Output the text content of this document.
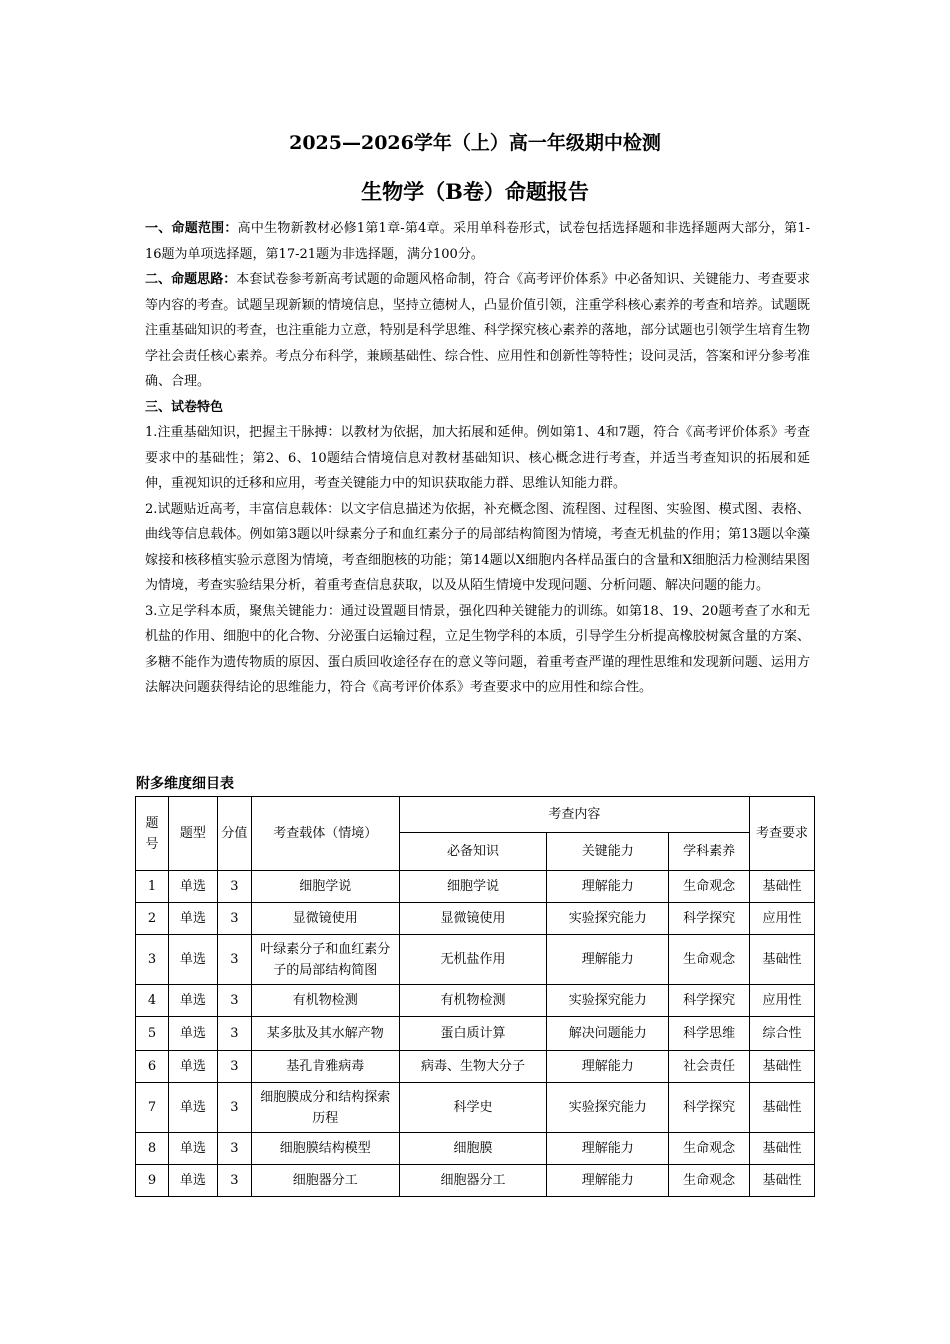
2025—2026学年（上）高一年级期中检测
生物学（B卷）命题报告

一、命题范围：高中生物新教材必修1第1章-第4章。采用单科卷形式，试卷包括选择题和非选择题两大部分，第1-16题为单项选择题，第17-21题为非选择题，满分100分。

二、命题思路：本套试卷参考新高考试题的命题风格命制，符合《高考评价体系》中必备知识、关键能力、考查要求等内容的考查。试题呈现新颖的情境信息，坚持立德树人，凸显价值引领，注重学科核心素养的考查和培养。试题既注重基础知识的考查，也注重能力立意，特别是科学思维、科学探究核心素养的落地，部分试题也引领学生培育生物学社会责任核心素养。考点分布科学，兼顾基础性、综合性、应用性和创新性等特性；设问灵活，答案和评分参考准确、合理。

三、试卷特色

1.注重基础知识，把握主干脉搏：以教材为依据，加大拓展和延伸。例如第1、4和7题，符合《高考评价体系》考查要求中的基础性；第2、6、10题结合情境信息对教材基础知识、核心概念进行考查，并适当考查知识的拓展和延伸，重视知识的迁移和应用，考查关键能力中的知识获取能力群、思维认知能力群。

2.试题贴近高考，丰富信息载体：以文字信息描述为依据，补充概念图、流程图、过程图、实验图、模式图、表格、曲线等信息载体。例如第3题以叶绿素分子和血红素分子的局部结构简图为情境，考查无机盐的作用；第13题以伞藻嫁接和核移植实验示意图为情境，考查细胞核的功能；第14题以X细胞内各样品蛋白的含量和X细胞活力检测结果图为情境，考查实验结果分析，着重考查信息获取，以及从陌生情境中发现问题、分析问题、解决问题的能力。

3.立足学科本质，聚焦关键能力：通过设置题目情景，强化四种关键能力的训练。如第18、19、20题考查了水和无机盐的作用、细胞中的化合物、分泌蛋白运输过程，立足生物学科的本质，引导学生分析提高橡胶树氮含量的方案、多糖不能作为遗传物质的原因、蛋白质回收途径存在的意义等问题，着重考查严谨的理性思维和发现新问题、运用方法解决问题获得结论的思维能力，符合《高考评价体系》考查要求中的应用性和综合性。

附多维度细目表
题号	题型	分值	考查载体（情境）	考查内容			考查要求
				必备知识	关键能力	学科素养	
1	单选	3	细胞学说	细胞学说	理解能力	生命观念	基础性
2	单选	3	显微镜使用	显微镜使用	实验探究能力	科学探究	应用性
3	单选	3	叶绿素分子和血红素分子的局部结构简图	无机盐作用	理解能力	生命观念	基础性
4	单选	3	有机物检测	有机物检测	实验探究能力	科学探究	应用性
5	单选	3	某多肽及其水解产物	蛋白质计算	解决问题能力	科学思维	综合性
6	单选	3	基孔肯雅病毒	病毒、生物大分子	理解能力	社会责任	基础性
7	单选	3	细胞膜成分和结构探索历程	科学史	实验探究能力	科学探究	基础性
8	单选	3	细胞膜结构模型	细胞膜	理解能力	生命观念	基础性
9	单选	3	细胞器分工	细胞器分工	理解能力	生命观念	基础性
